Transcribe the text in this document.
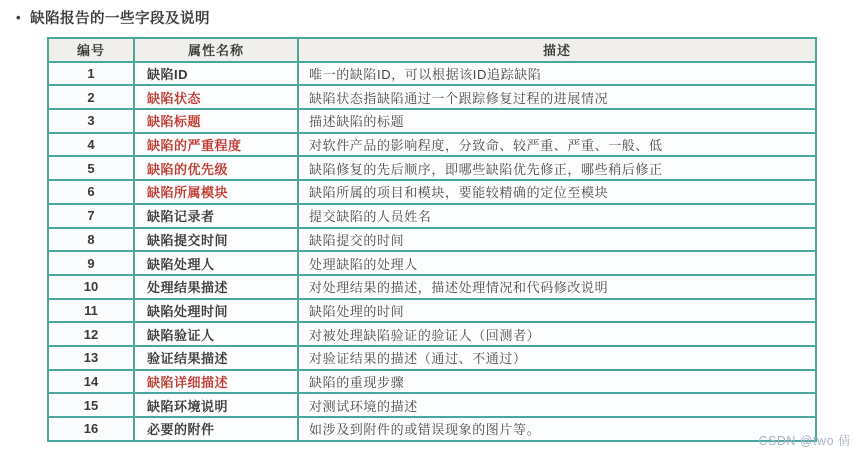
• 缺陷报告的一些字段及说明
编号	属性名称	描述
1	缺陷ID	唯一的缺陷ID，可以根据该ID追踪缺陷
2	缺陷状态	缺陷状态指缺陷通过一个跟踪修复过程的进展情况
3	缺陷标题	描述缺陷的标题
4	缺陷的严重程度	对软件产品的影响程度，分致命、较严重、严重、一般、低
5	缺陷的优先级	缺陷修复的先后顺序，即哪些缺陷优先修正，哪些稍后修正
6	缺陷所属模块	缺陷所属的项目和模块，要能较精确的定位至模块
7	缺陷记录者	提交缺陷的人员姓名
8	缺陷提交时间	缺陷提交的时间
9	缺陷处理人	处理缺陷的处理人
10	处理结果描述	对处理结果的描述，描述处理情况和代码修改说明
11	缺陷处理时间	缺陷处理的时间
12	缺陷验证人	对被处理缺陷验证的验证人（回测者）
13	验证结果描述	对验证结果的描述（通过、不通过）
14	缺陷详细描述	缺陷的重现步骤
15	缺陷环境说明	对测试环境的描述
16	必要的附件	如涉及到附件的或错误现象的图片等。
CSDN @two 倩
